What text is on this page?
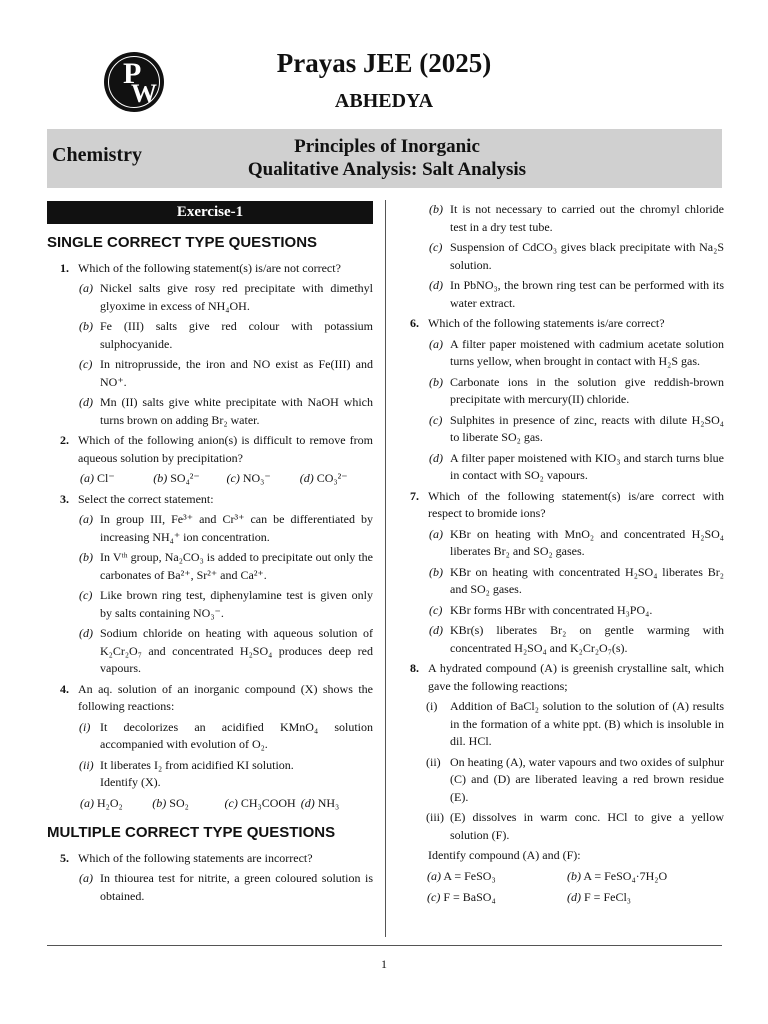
P
W
Prayas JEE (2025)
ABHEDYA
Chemistry	Principles of Inorganic
Qualitative Analysis: Salt Analysis
Exercise-1
SINGLE CORRECT TYPE QUESTIONS
1. Which of the following statement(s) is/are not correct?
(a) Nickel salts give rosy red precipitate with dimethyl glyoxime in excess of NH₄OH.
(b) Fe (III) salts give red colour with potassium sulphocyanide.
(c) In nitroprusside, the iron and NO exist as Fe(III) and NO⁺.
(d) Mn (II) salts give white precipitate with NaOH which turns brown on adding Br₂ water.
2. Which of the following anion(s) is difficult to remove from aqueous solution by precipitation?
(a) Cl⁻	(b) SO₄²⁻	(c) NO₃⁻	(d) CO₃²⁻
3. Select the correct statement:
(a) In group III, Fe³⁺ and Cr³⁺ can be differentiated by increasing NH₄⁺ ion concentration.
(b) In Vᵗʰ group, Na₂CO₃ is added to precipitate out only the carbonates of Ba²⁺, Sr²⁺ and Ca²⁺.
(c) Like brown ring test, diphenylamine test is given only by salts containing NO₃⁻.
(d) Sodium chloride on heating with aqueous solution of K₂Cr₂O₇ and concentrated H₂SO₄ produces deep red vapours.
4. An aq. solution of an inorganic compound (X) shows the following reactions:
(i) It decolorizes an acidified KMnO₄ solution accompanied with evolution of O₂.
(ii) It liberates I₂ from acidified KI solution.
Identify (X).
(a) H₂O₂	(b) SO₂	(c) CH₃COOH (d) NH₃
MULTIPLE CORRECT TYPE QUESTIONS
5. Which of the following statements are incorrect?
(a) In thiourea test for nitrite, a green coloured solution is obtained.
(b) It is not necessary to carried out the chromyl chloride test in a dry test tube.
(c) Suspension of CdCO₃ gives black precipitate with Na₂S solution.
(d) In PbNO₃, the brown ring test can be performed with its water extract.
6. Which of the following statements is/are correct?
(a) A filter paper moistened with cadmium acetate solution turns yellow, when brought in contact with H₂S gas.
(b) Carbonate ions in the solution give reddish-brown precipitate with mercury(II) chloride.
(c) Sulphites in presence of zinc, reacts with dilute H₂SO₄ to liberate SO₂ gas.
(d) A filter paper moistened with KIO₃ and starch turns blue in contact with SO₂ vapours.
7. Which of the following statement(s) is/are correct with respect to bromide ions?
(a) KBr on heating with MnO₂ and concentrated H₂SO₄ liberates Br₂ and SO₂ gases.
(b) KBr on heating with concentrated H₂SO₄ liberates Br₂ and SO₂ gases.
(c) KBr forms HBr with concentrated H₃PO₄.
(d) KBr(s) liberates Br₂ on gentle warming with concentrated H₂SO₄ and K₂Cr₂O₇(s).
8. A hydrated compound (A) is greenish crystalline salt, which gave the following reactions;
(i) Addition of BaCl₂ solution to the solution of (A) results in the formation of a white ppt. (B) which is insoluble in dil. HCl.
(ii) On heating (A), water vapours and two oxides of sulphur (C) and (D) are liberated leaving a red brown residue (E).
(iii) (E) dissolves in warm conc. HCl to give a yellow solution (F).
Identify compound (A) and (F):
(a) A = FeSO₃	(b) A = FeSO₄·7H₂O
(c) F = BaSO₄	(d) F = FeCl₃
1
